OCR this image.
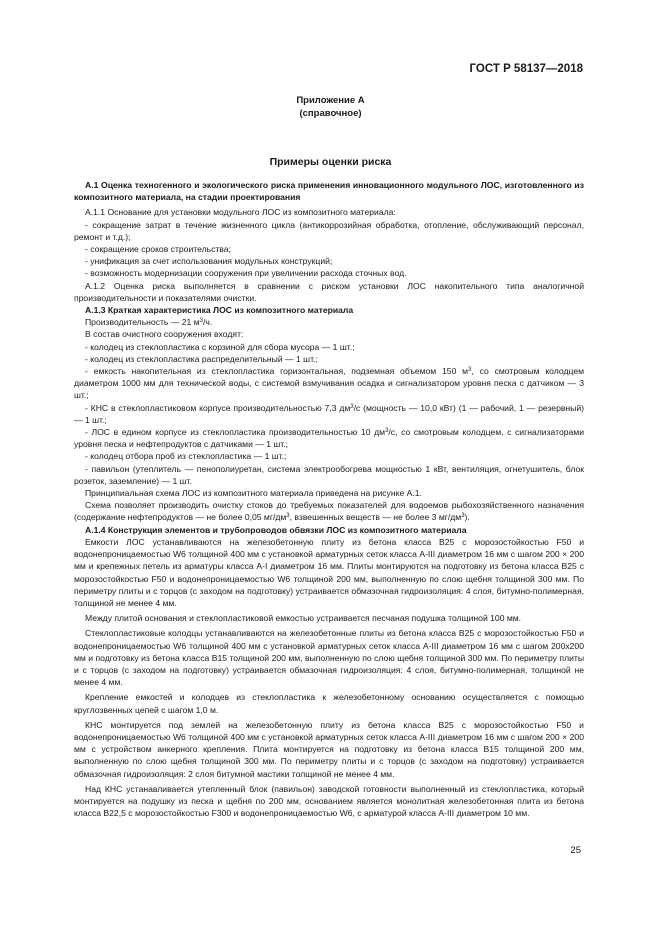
ГОСТ Р 58137—2018
Приложение А
(справочное)
Примеры оценки риска

А.1 Оценка техногенного и экологического риска применения инновационного модульного ЛОС, изготовленного из композитного материала, на стадии проектирования

А.1.1 Основание для установки модульного ЛОС из композитного материала:

- сокращение затрат в течение жизненного цикла (антикоррозийная обработка, отопление, обслуживающий персонал, ремонт и т.д.);

- сокращение сроков строительства;

- унификация за счет использования модульных конструкций;

- возможность модернизации сооружения при увеличении расхода сточных вод.

А.1.2 Оценка риска выполняется в сравнении с риском установки ЛОС накопительного типа аналогичной производительности и показателями очистки.

А.1.3 Краткая характеристика ЛОС из композитного материала

Производительность — 21 $м^3/ч$.

В состав очистного сооружения входят:

- колодец из стеклопластика с корзиной для сбора мусора — 1 шт.;

- колодец из стеклопластика распределительный — 1 шт.;

- емкость накопительная из стеклопластика горизонтальная, подземная объемом 150 $м^3$, со смотровым колодцем диаметром 1000 мм для технической воды, с системой взмучивания осадка и сигнализатором уровня песка с датчиком — 3 шт.;

- КНС в стеклопластиковом корпусе производительностью 7,3 $дм^3/с$ (мощность — 10,0 кВт) (1 — рабочий, 1 — резервный) — 1 шт.;

- ЛОС в едином корпусе из стеклопластика производительностью 10 $дм^3/с$, со смотровым колодцем, с сигнализаторами уровня песка и нефтепродуктов с датчиками — 1 шт.;

- колодец отбора проб из стеклопластика — 1 шт.;

- павильон (утеплитель — пенополиуретан, система электрообогрева мощностью 1 кВт, вентиляция, огнетушитель, блок розеток, заземление) — 1 шт.

Принципиальная схема ЛОС из композитного материала приведена на рисунке А.1.

Схема позволяет производить очистку стоков до требуемых показателей для водоемов рыбохозяйственного назначения (содержание нефтепродуктов — не более 0,05 $мг/дм^3$, взвешенных веществ — не более 3 $мг/дм^3$).

А.1.4 Конструкция элементов и трубопроводов обвязки ЛОС из композитного материала

Емкости ЛОС устанавливаются на железобетонную плиту из бетона класса В25 с морозостойкостью F50 и водонепроницаемостью W6 толщиной 400 мм с установкой арматурных сеток класса А-III диаметром 16 мм с шагом 200 × 200 мм и крепежных петель из арматуры класса А-I диаметром 16 мм. Плиты монтируются на подготовку из бетона класса В25 с морозостойкостью F50 и водонепроницаемостью W6 толщиной 200 мм, выполненную по слою щебня толщиной 300 мм. По периметру плиты и с торцов (с заходом на подготовку) устраивается обмазочная гидроизоляция: 4 слоя, битумно-полимерная, толщиной не менее 4 мм.

Между плитой основания и стеклопластиковой емкостью устраивается песчаная подушка толщиной 100 мм.

Стеклопластиковые колодцы устанавливаются на железобетонные плиты из бетона класса В25 с морозостойкостью F50 и водонепроницаемостью W6 толщиной 400 мм с установкой арматурных сеток класса А-III диаметром 16 мм с шагом 200х200 мм и подготовку из бетона класса В15 толщиной 200 мм, выполненную по слою щебня толщиной 300 мм. По периметру плиты и с торцов (с заходом на подготовку) устраивается обмазочная гидроизоляция: 4 слоя, битумно-полимерная, толщиной не менее 4 мм.

Крепление емкостей и колодцев из стеклопластика к железобетонному основанию осуществляется с помощью круглозвенных цепей с шагом 1,0 м.

КНС монтируется под землей на железобетонную плиту из бетона класса В25 с морозостойкостью F50 и водонепроницаемостью W6 толщиной 400 мм с установкой арматурных сеток класса А-III диаметром 16 мм с шагом 200 × 200 мм с устройством анкерного крепления. Плита монтируется на подготовку из бетона класса В15 толщиной 200 мм, выполненную по слою щебня толщиной 300 мм. По периметру плиты и с торцов (с заходом на подготовку) устраивается обмазочная гидроизоляция: 2 слоя битумной мастики толщиной не менее 4 мм.

Над КНС устанавливается утепленный блок (павильон) заводской готовности выполненный из стеклопластика, который монтируется на подушку из песка и щебня по 200 мм, основанием является монолитная железобетонная плита из бетона класса В22,5 с морозостойкостью F300 и водонепроницаемостью W6, с арматурой класса А-III диаметром 10 мм.

25
